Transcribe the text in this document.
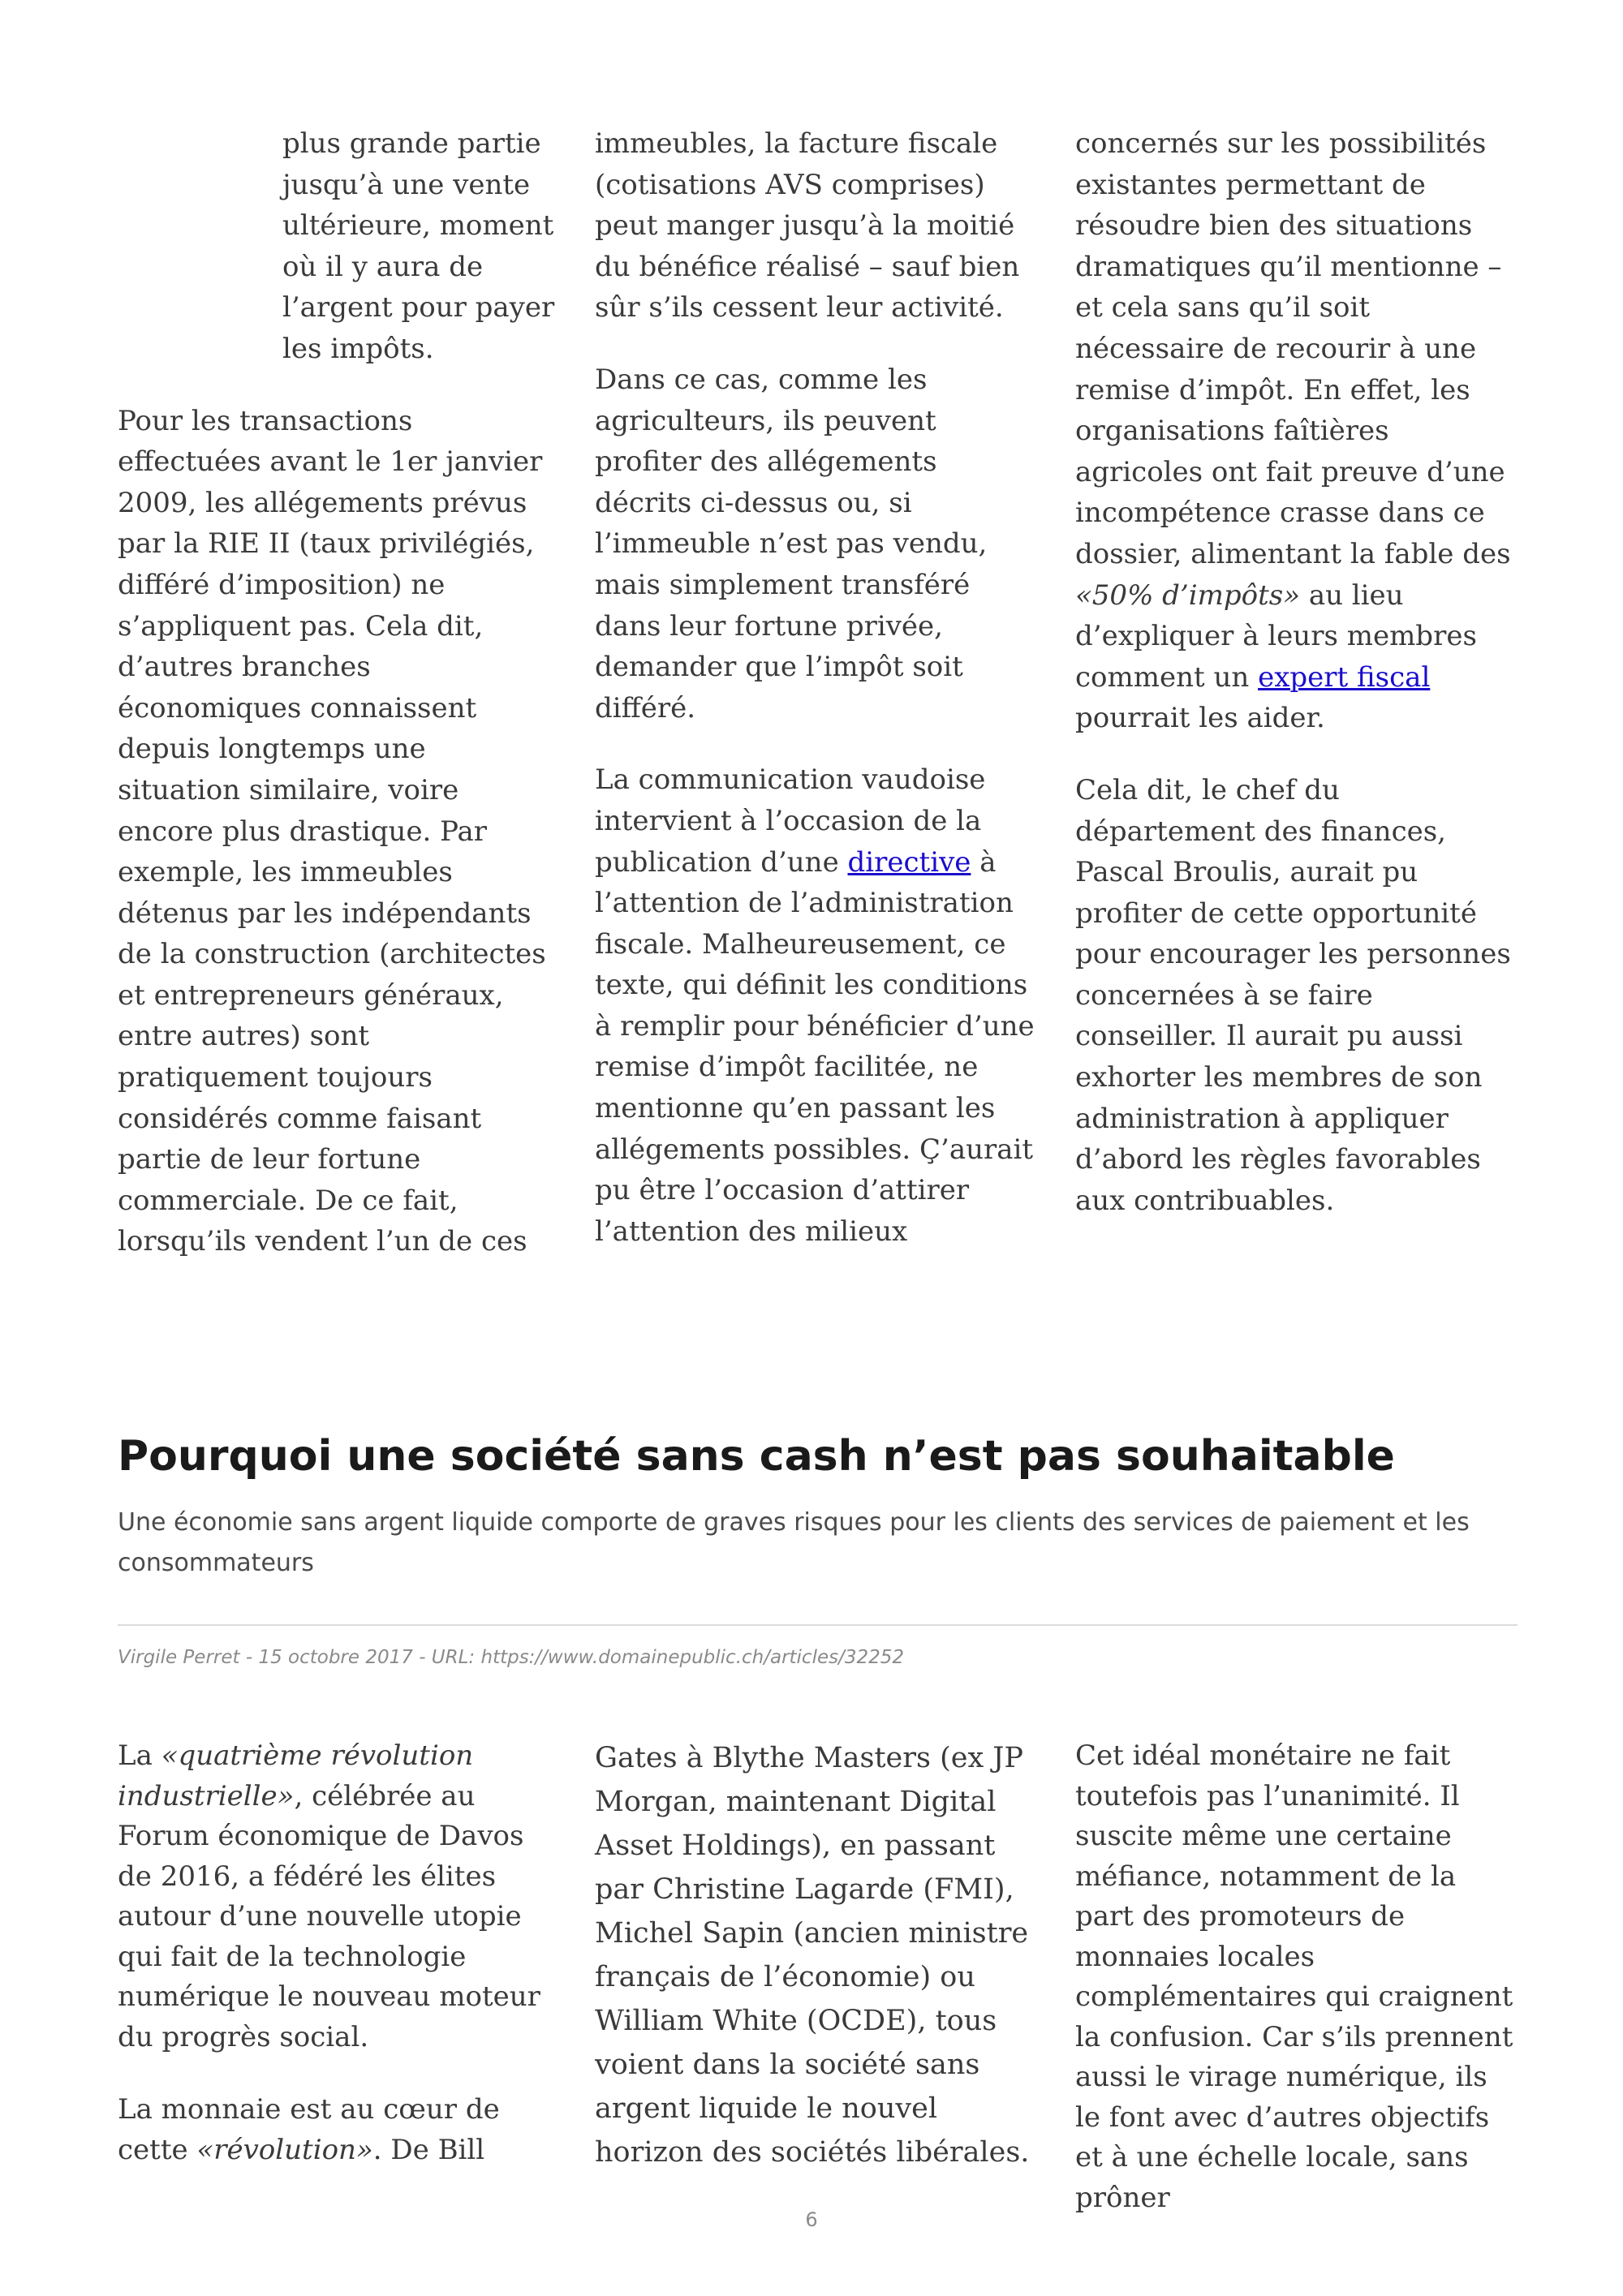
plus grande partie jusqu’à une vente ultérieure, moment où il y aura de l’argent pour payer les impôts.

Pour les transactions effectuées avant le 1er janvier 2009, les allégements prévus par la RIE II (taux privilégiés, différé d’imposition) ne s’appliquent pas. Cela dit, d’autres branches économiques connaissent depuis longtemps une situation similaire, voire encore plus drastique. Par exemple, les immeubles détenus par les indépendants de la construction (architectes et entrepreneurs généraux, entre autres) sont pratiquement toujours considérés comme faisant partie de leur fortune commerciale. De ce fait, lorsqu’ils vendent l’un de ces

immeubles, la facture fiscale (cotisations AVS comprises) peut manger jusqu’à la moitié du bénéfice réalisé – sauf bien sûr s’ils cessent leur activité.

Dans ce cas, comme les agriculteurs, ils peuvent profiter des allégements décrits ci-dessus ou, si l’immeuble n’est pas vendu, mais simplement transféré dans leur fortune privée, demander que l’impôt soit différé.

La communication vaudoise intervient à l’occasion de la publication d’une directive à l’attention de l’administration fiscale. Malheureusement, ce texte, qui définit les conditions à remplir pour bénéficier d’une remise d’impôt facilitée, ne mentionne qu’en passant les allégements possibles. Ç’aurait pu être l’occasion d’attirer l’attention des milieux

concernés sur les possibilités existantes permettant de résoudre bien des situations dramatiques qu’il mentionne – et cela sans qu’il soit nécessaire de recourir à une remise d’impôt. En effet, les organisations faîtières agricoles ont fait preuve d’une incompétence crasse dans ce dossier, alimentant la fable des «50% d’impôts» au lieu d’expliquer à leurs membres comment un expert fiscal pourrait les aider.

Cela dit, le chef du département des finances, Pascal Broulis, aurait pu profiter de cette opportunité pour encourager les personnes concernées à se faire conseiller. Il aurait pu aussi exhorter les membres de son administration à appliquer d’abord les règles favorables aux contribuables.

Pourquoi une société sans cash n’est pas souhaitable
Une économie sans argent liquide comporte de graves risques pour les clients des services de paiement et les consommateurs
Virgile Perret - 15 octobre 2017 - URL: https://www.domainepublic.ch/articles/32252

La «quatrième révolution industrielle», célébrée au Forum économique de Davos de 2016, a fédéré les élites autour d’une nouvelle utopie qui fait de la technologie numérique le nouveau moteur du progrès social.

La monnaie est au cœur de cette «révolution». De Bill

Gates à Blythe Masters (ex JP Morgan, maintenant Digital Asset Holdings), en passant par Christine Lagarde (FMI), Michel Sapin (ancien ministre français de l’économie) ou William White (OCDE), tous voient dans la société sans argent liquide le nouvel horizon des sociétés libérales.

Cet idéal monétaire ne fait toutefois pas l’unanimité. Il suscite même une certaine méfiance, notamment de la part des promoteurs de monnaies locales complémentaires qui craignent la confusion. Car s’ils prennent aussi le virage numérique, ils le font avec d’autres objectifs et à une échelle locale, sans prôner

6
